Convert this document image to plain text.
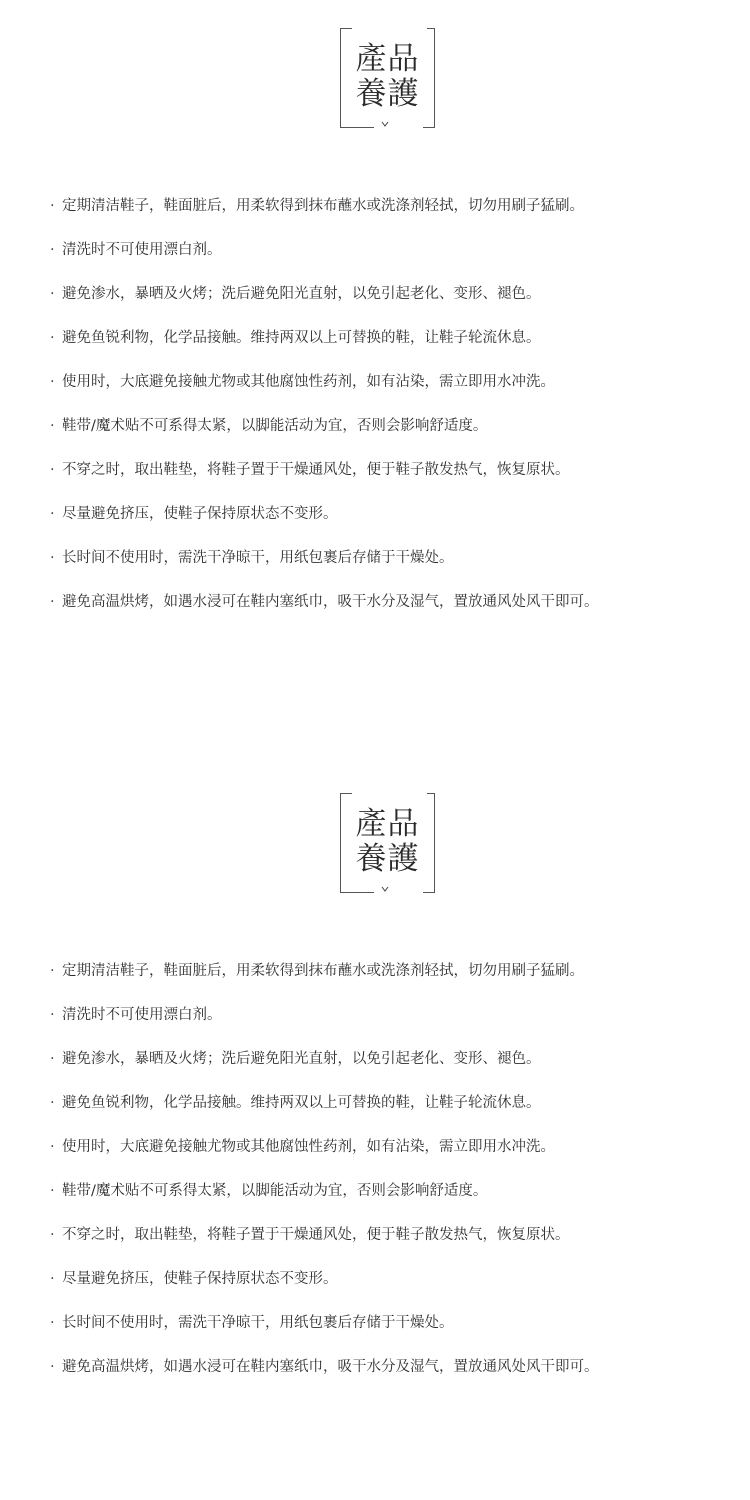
產品
養護
· 定期清洁鞋子，鞋面脏后，用柔软得到抹布蘸水或洗涤剂轻拭，切勿用刷子猛刷。
· 清洗时不可使用漂白剂。
· 避免渗水，暴晒及火烤；洗后避免阳光直射，以免引起老化、变形、褪色。
· 避免鱼锐利物，化学品接触。维持两双以上可替换的鞋，让鞋子轮流休息。
· 使用时，大底避免接触尤物或其他腐蚀性药剂，如有沾染，需立即用水冲洗。
· 鞋带/魔术贴不可系得太紧，以脚能活动为宜，否则会影响舒适度。
· 不穿之时，取出鞋垫，将鞋子置于干燥通风处，便于鞋子散发热气，恢复原状。
· 尽量避免挤压，使鞋子保持原状态不变形。
· 长时间不使用时，需洗干净晾干，用纸包裹后存储于干燥处。
· 避免高温烘烤，如遇水浸可在鞋内塞纸巾，吸干水分及湿气，置放通风处风干即可。
產品
養護
· 定期清洁鞋子，鞋面脏后，用柔软得到抹布蘸水或洗涤剂轻拭，切勿用刷子猛刷。
· 清洗时不可使用漂白剂。
· 避免渗水，暴晒及火烤；洗后避免阳光直射，以免引起老化、变形、褪色。
· 避免鱼锐利物，化学品接触。维持两双以上可替换的鞋，让鞋子轮流休息。
· 使用时，大底避免接触尤物或其他腐蚀性药剂，如有沾染，需立即用水冲洗。
· 鞋带/魔术贴不可系得太紧，以脚能活动为宜，否则会影响舒适度。
· 不穿之时，取出鞋垫，将鞋子置于干燥通风处，便于鞋子散发热气，恢复原状。
· 尽量避免挤压，使鞋子保持原状态不变形。
· 长时间不使用时，需洗干净晾干，用纸包裹后存储于干燥处。
· 避免高温烘烤，如遇水浸可在鞋内塞纸巾，吸干水分及湿气，置放通风处风干即可。
